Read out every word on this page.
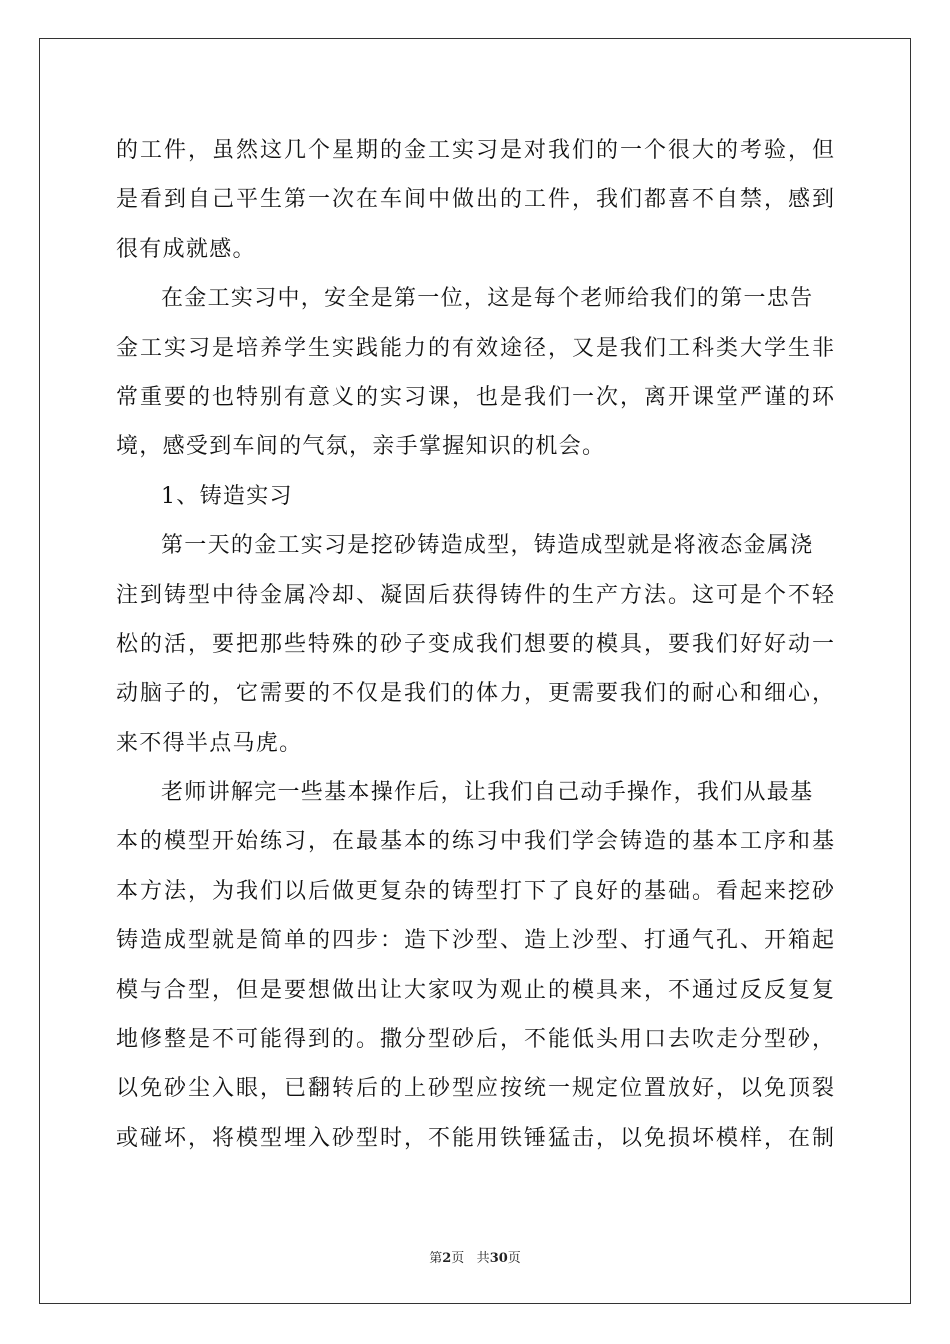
的工件，虽然这几个星期的金工实习是对我们的一个很大的考验，但
是看到自己平生第一次在车间中做出的工件，我们都喜不自禁，感到
很有成就感。
在金工实习中，安全是第一位，这是每个老师给我们的第一忠告
金工实习是培养学生实践能力的有效途径，又是我们工科类大学生非
常重要的也特别有意义的实习课，也是我们一次，离开课堂严谨的环
境，感受到车间的气氛，亲手掌握知识的机会。
1、铸造实习
第一天的金工实习是挖砂铸造成型，铸造成型就是将液态金属浇
注到铸型中待金属冷却、凝固后获得铸件的生产方法。这可是个不轻
松的活，要把那些特殊的砂子变成我们想要的模具，要我们好好动一
动脑子的，它需要的不仅是我们的体力，更需要我们的耐心和细心，
来不得半点马虎。
老师讲解完一些基本操作后，让我们自己动手操作，我们从最基
本的模型开始练习，在最基本的练习中我们学会铸造的基本工序和基
本方法，为我们以后做更复杂的铸型打下了良好的基础。看起来挖砂
铸造成型就是简单的四步：造下沙型、造上沙型、打通气孔、开箱起
模与合型，但是要想做出让大家叹为观止的模具来，不通过反反复复
地修整是不可能得到的。撒分型砂后，不能低头用口去吹走分型砂，
以免砂尘入眼，已翻转后的上砂型应按统一规定位置放好，以免顶裂
或碰坏，将模型埋入砂型时，不能用铁锤猛击，以免损坏模样，在制
第2页 共30页
